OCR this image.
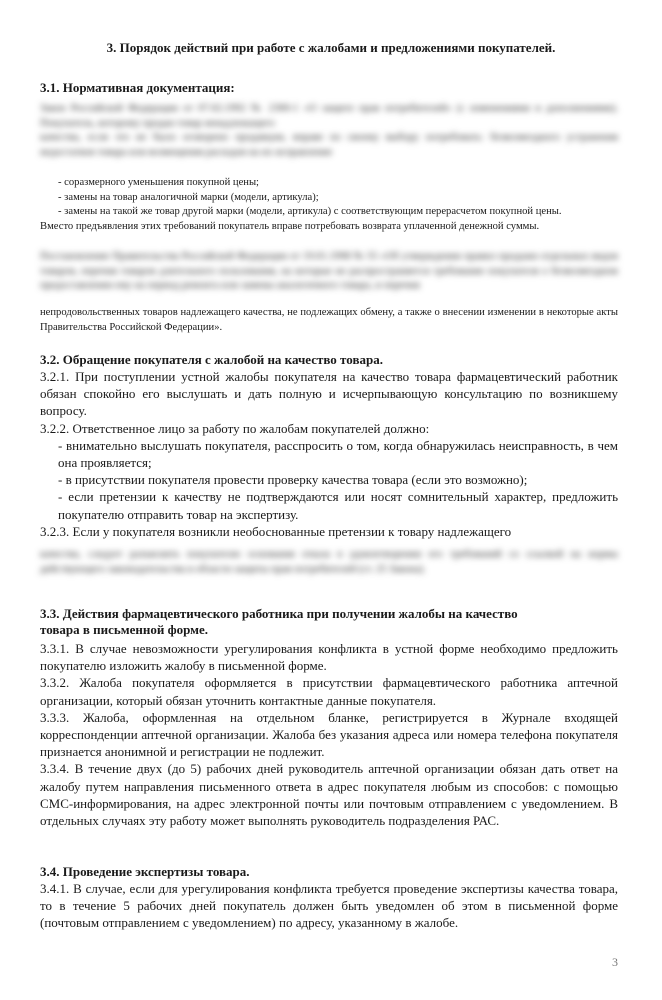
3. Порядок действий при работе с жалобами и предложениями покупателей.
3.1. Нормативная документация:
Закон Российской Федерации от 07.02.1992 № 2300-1 «О защите прав потребителей» (с изменениями и дополнениями). Покупатель, которому продан товар ненадлежащего
качества, если это не было оговорено продавцом, вправе по своему выбору потребовать: безвозмездного устранения недостатков товара или возмещения расходов на их исправление
- соразмерного уменьшения покупной цены;
- замены на товар аналогичной марки (модели, артикула);
- замены на такой же товар другой марки (модели, артикула) с соответствующим перерасчетом покупной цены.
Вместо предъявления этих требований покупатель вправе потребовать возврата уплаченной денежной суммы.
Постановление Правительства Российской Федерации от 19.01.1998 № 55 «Об утверждении правил продажи отдельных видов товаров, перечня товаров длительного пользования, на которые не распространяется требование покупателя о безвозмездном предоставлении ему на период ремонта или замены аналогичного товара, и перечня
непродовольственных товаров надлежащего качества, не подлежащих обмену, а также о внесении изменении в некоторые акты Правительства Российской Федерации».
3.2. Обращение покупателя с жалобой на качество товара.
3.2.1. При поступлении устной жалобы покупателя на качество товара фармацевтический работник обязан спокойно его выслушать и дать полную и исчерпывающую консультацию по возникшему вопросу.
3.2.2. Ответственное лицо за работу по жалобам покупателей должно:
- внимательно выслушать покупателя, расспросить о том, когда обнаружилась неисправность, в чем она проявляется;
- в присутствии покупателя провести проверку качества товара (если это возможно);
- если претензии к качеству не подтверждаются или носят сомнительный характер, предложить покупателю отправить товар на экспертизу.
3.2.3. Если у покупателя возникли необоснованные претензии к товару надлежащего
качества, следует разъяснить покупателю основания отказа в удовлетворении его требований со ссылкой на нормы действующего законодательства в области защиты прав потребителей (ст. 25 Закона).
3.3. Действия фармацевтического работника при получении жалобы на качество
товара в письменной форме.
3.3.1. В случае невозможности урегулирования конфликта в устной форме необходимо предложить покупателю изложить жалобу в письменной форме.
3.3.2. Жалоба покупателя оформляется в присутствии фармацевтического работника аптечной организации, который обязан уточнить контактные данные покупателя.
3.3.3. Жалоба, оформленная на отдельном бланке, регистрируется в Журнале входящей корреспонденции аптечной организации. Жалоба без указания адреса или номера телефона покупателя признается анонимной и регистрации не подлежит.
3.3.4. В течение двух (до 5) рабочих дней руководитель аптечной организации обязан дать ответ на жалобу путем направления письменного ответа в адрес покупателя любым из способов: с помощью СМС-информирования, на адрес электронной почты или почтовым отправлением с уведомлением. В отдельных случаях эту работу может выполнять руководитель подразделения РАС.
3.4. Проведение экспертизы товара.
3.4.1. В случае, если для урегулирования конфликта требуется проведение экспертизы качества товара, то в течение 5 рабочих дней покупатель должен быть уведомлен об этом в письменной форме (почтовым отправлением с уведомлением) по адресу, указанному в жалобе.
3
